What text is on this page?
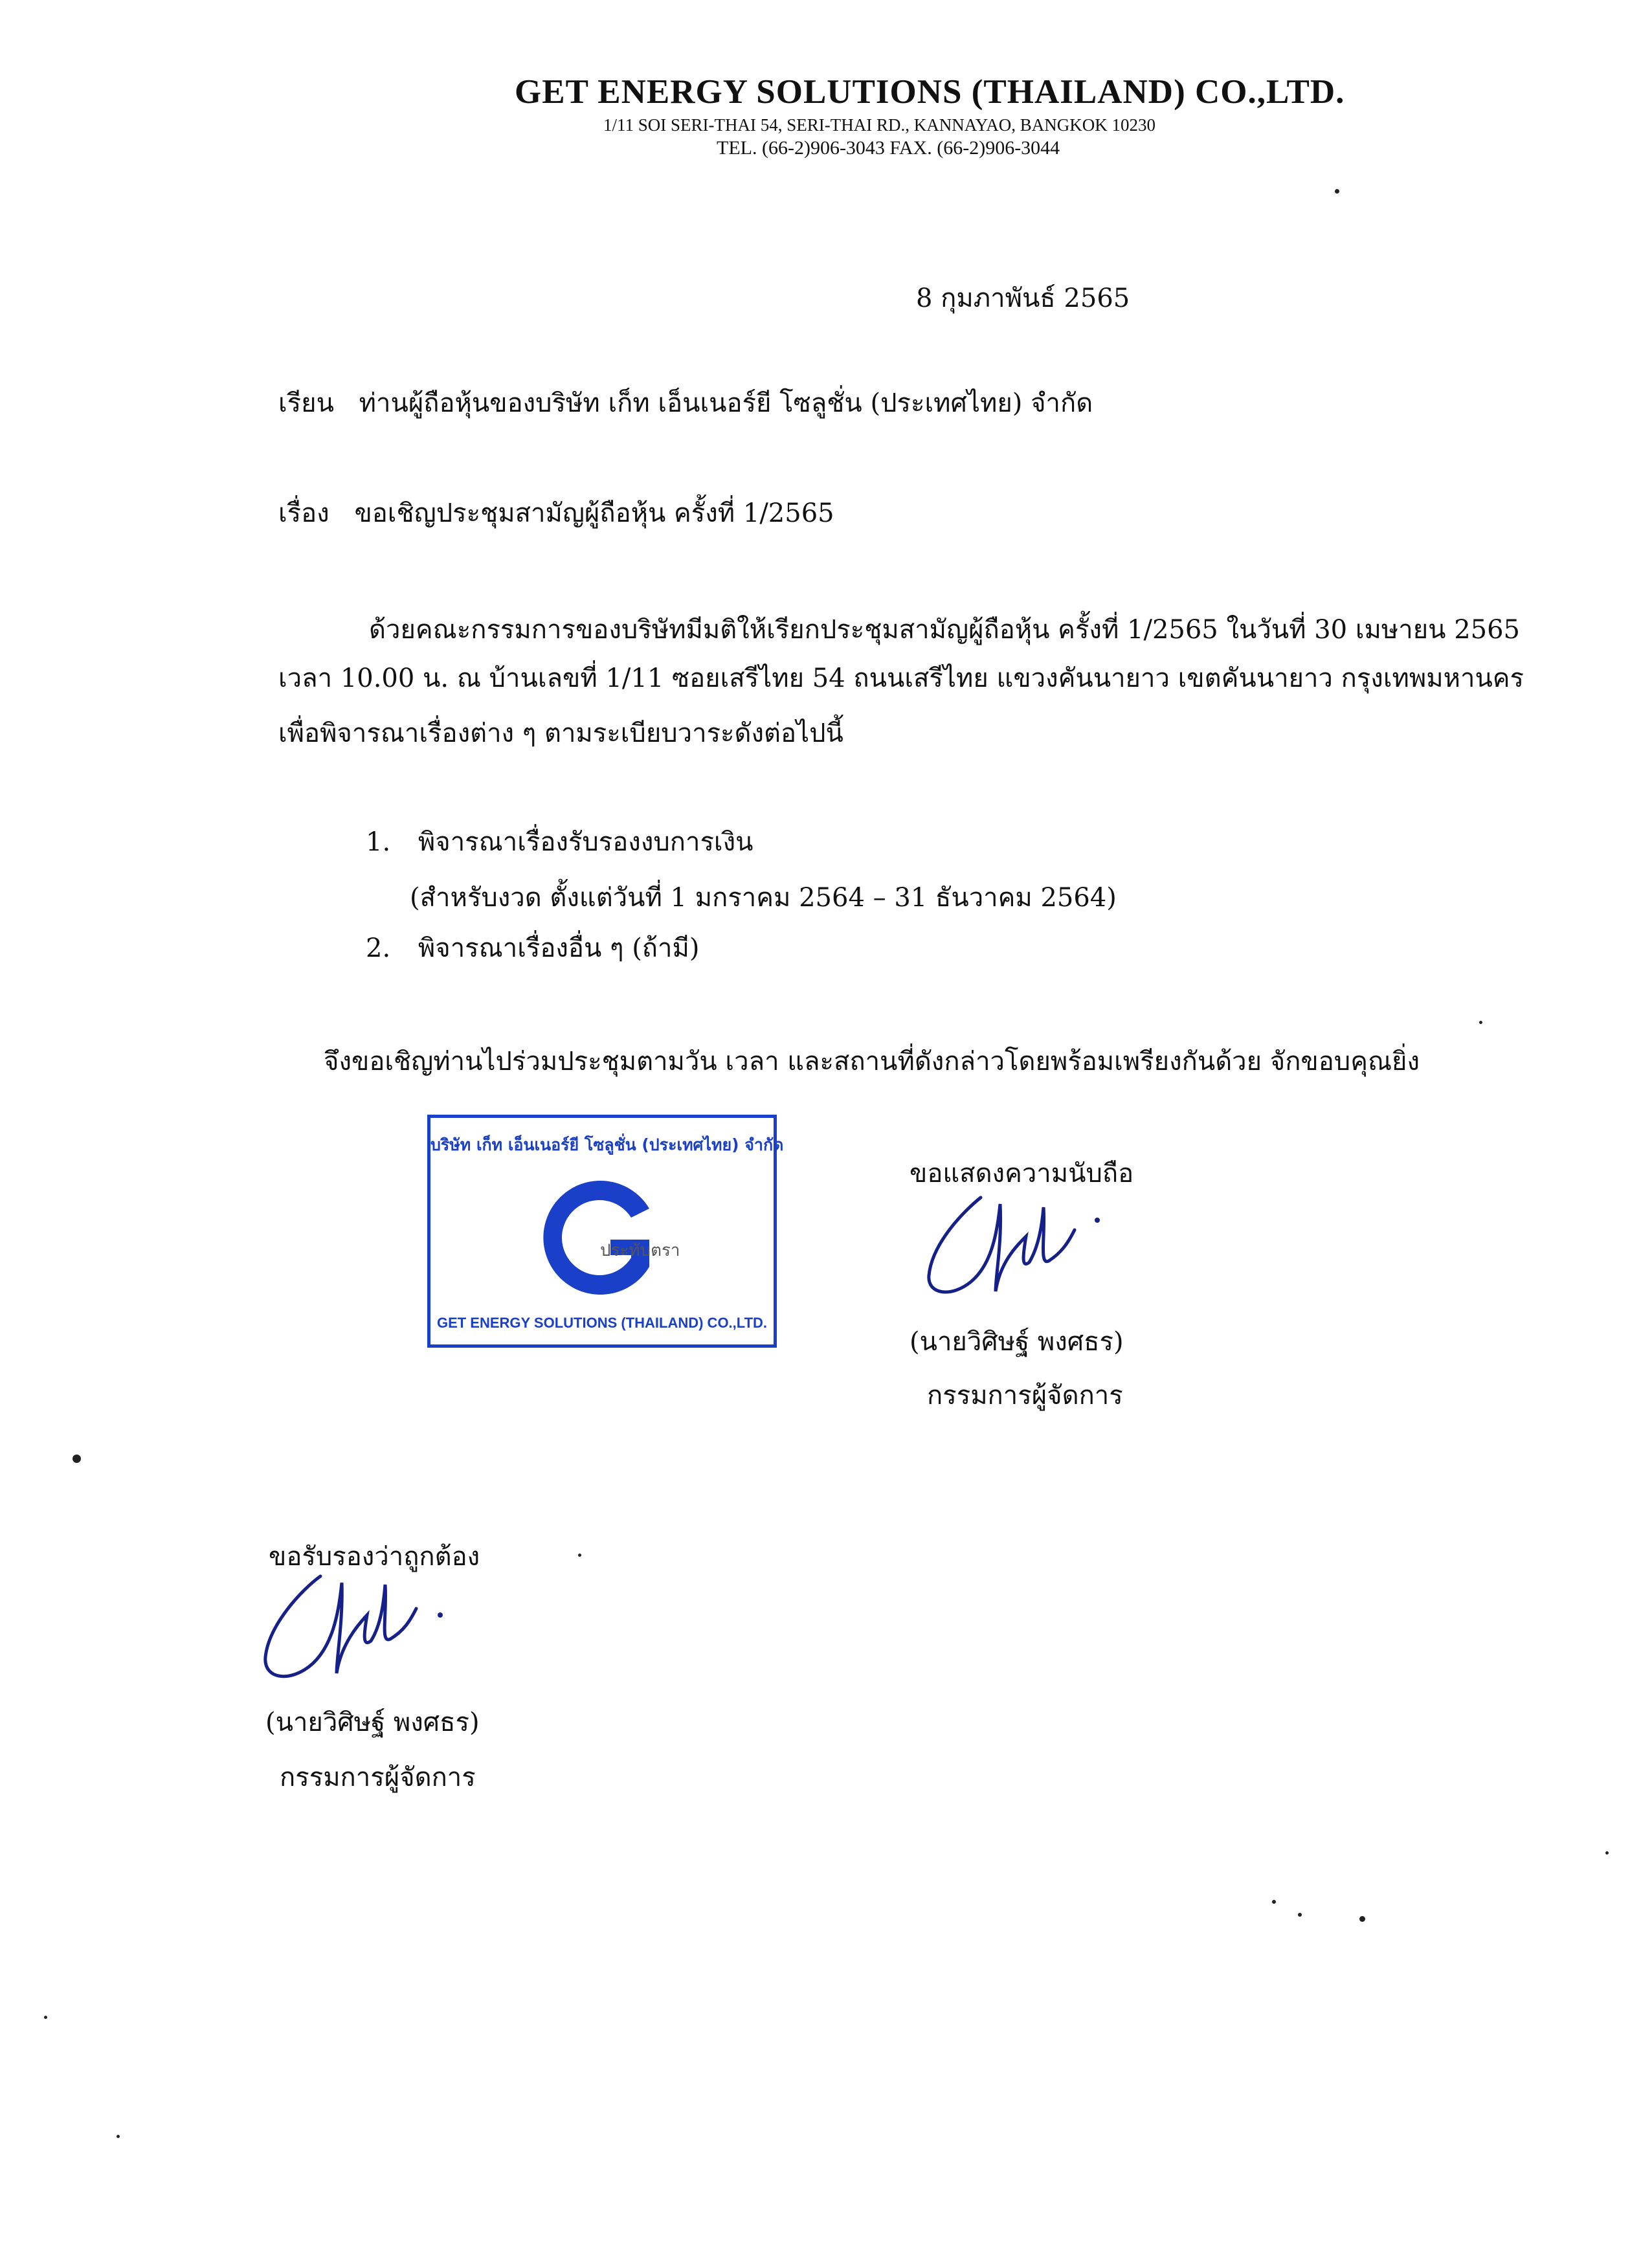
GET ENERGY SOLUTIONS (THAILAND) CO.,LTD.
1/11 SOI SERI-THAI 54, SERI-THAI RD., KANNAYAO, BANGKOK 10230
TEL. (66-2)906-3043 FAX. (66-2)906-3044
8 กุมภาพันธ์ 2565
เรียน ท่านผู้ถือหุ้นของบริษัท เก็ท เอ็นเนอร์ยี โซลูชั่น (ประเทศไทย) จำกัด
เรื่อง ขอเชิญประชุมสามัญผู้ถือหุ้น ครั้งที่ 1/2565
ด้วยคณะกรรมการของบริษัทมีมติให้เรียกประชุมสามัญผู้ถือหุ้น ครั้งที่ 1/2565 ในวันที่ 30 เมษายน 2565
เวลา 10.00 น. ณ บ้านเลขที่ 1/11 ซอยเสรีไทย 54 ถนนเสรีไทย แขวงคันนายาว เขตคันนายาว กรุงเทพมหานคร
เพื่อพิจารณาเรื่องต่าง ๆ ตามระเบียบวาระดังต่อไปนี้
1. พิจารณาเรื่องรับรองงบการเงิน
(สำหรับงวด ตั้งแต่วันที่ 1 มกราคม 2564 – 31 ธันวาคม 2564)
2. พิจารณาเรื่องอื่น ๆ (ถ้ามี)
จึงขอเชิญท่านไปร่วมประชุมตามวัน เวลา และสถานที่ดังกล่าวโดยพร้อมเพรียงกันด้วย จักขอบคุณยิ่ง
บริษัท เก็ท เอ็นเนอร์ยี โซลูชั่น (ประเทศไทย) จำกัด
ประทับตรา
GET ENERGY SOLUTIONS (THAILAND) CO.,LTD.
ขอแสดงความนับถือ
(นายวิศิษฐ์ พงศธร)
กรรมการผู้จัดการ
ขอรับรองว่าถูกต้อง
(นายวิศิษฐ์ พงศธร)
กรรมการผู้จัดการ
